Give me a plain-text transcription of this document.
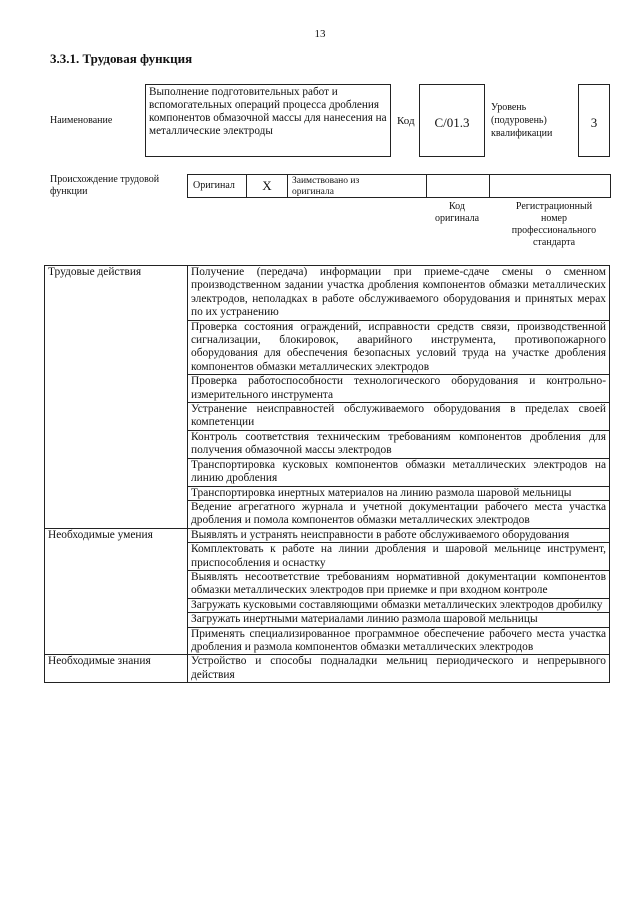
13
3.3.1. Трудовая функция
Наименование
Выполнение подготовительных работ и вспомогательных операций процесса дробления компонентов обмазочной массы для нанесения на металлические электроды
Код	С/01.3
Уровень
(подуровень)
квалификации
3
Происхождение трудовой
функции
Оригинал	X	Заимствовано из
оригинала
Код
оригинала
Регистрационный
номер
профессионального
стандарта
Трудовые действия	Получение (передача) информации при приеме-сдаче смены о сменном производственном задании участка дробления компонентов обмазки металлических электродов, неполадках в работе обслуживаемого оборудования и принятых мерах по их устранению
	Проверка состояния ограждений, исправности средств связи, производственной сигнализации, блокировок, аварийного инструмента, противопожарного оборудования для обеспечения безопасных условий труда на участке дробления компонентов обмазки металлических электродов
	Проверка работоспособности технологического оборудования и контрольно-измерительного инструмента
	Устранение неисправностей обслуживаемого оборудования в пределах своей компетенции
	Контроль соответствия техническим требованиям компонентов дробления для получения обмазочной массы электродов
	Транспортировка кусковых компонентов обмазки металлических электродов на линию дробления
	Транспортировка инертных материалов на линию размола шаровой мельницы
	Ведение агрегатного журнала и учетной документации рабочего места участка дробления и помола компонентов обмазки металлических электродов
Необходимые умения	Выявлять и устранять неисправности в работе обслуживаемого оборудования
	Комплектовать к работе на линии дробления и шаровой мельнице инструмент, приспособления и оснастку
	Выявлять несоответствие требованиям нормативной документации компонентов обмазки металлических электродов при приемке и при входном контроле
	Загружать кусковыми составляющими обмазки металлических электродов дробилку
	Загружать инертными материалами линию размола шаровой мельницы
	Применять специализированное программное обеспечение рабочего места участка дробления и размола компонентов обмазки металлических электродов
Необходимые знания	Устройство и способы подналадки мельниц периодического и непрерывного действия
